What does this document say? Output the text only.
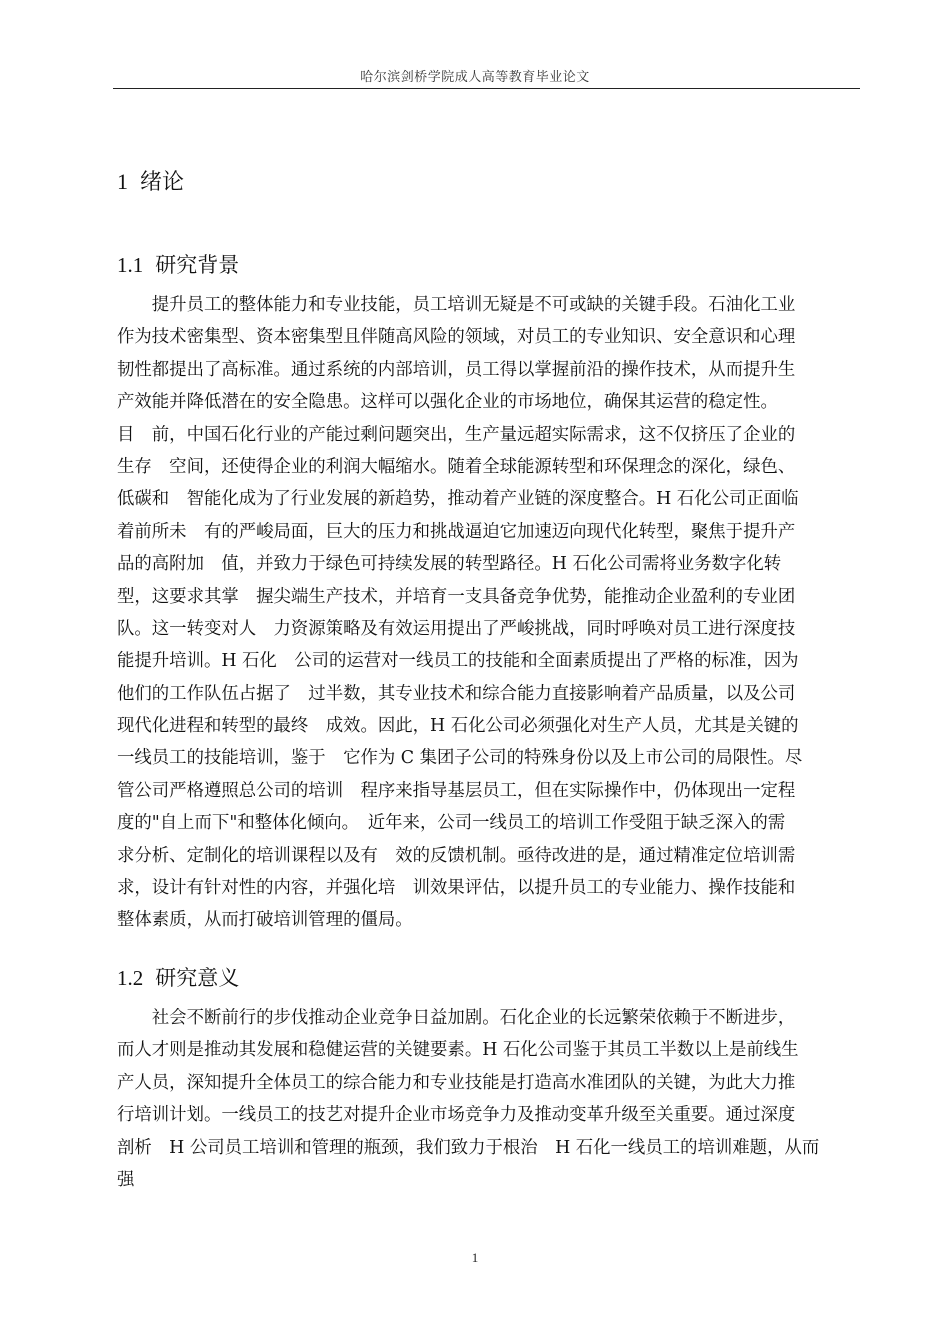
哈尔滨剑桥学院成人高等教育毕业论文
1 绪论
1.1 研究背景
　　提升员工的整体能力和专业技能，员工培训无疑是不可或缺的关键手段。石油化工业
作为技术密集型、资本密集型且伴随高风险的领域，对员工的专业知识、安全意识和心理
韧性都提出了高标准。通过系统的内部培训，员工得以掌握前沿的操作技术，从而提升生
产效能并降低潜在的安全隐患。这样可以强化企业的市场地位，确保其运营的稳定性。
目　前，中国石化行业的产能过剩问题突出，生产量远超实际需求，这不仅挤压了企业的
生存　空间，还使得企业的利润大幅缩水。随着全球能源转型和环保理念的深化，绿色、
低碳和　智能化成为了行业发展的新趋势，推动着产业链的深度整合。H 石化公司正面临
着前所未　有的严峻局面，巨大的压力和挑战逼迫它加速迈向现代化转型，聚焦于提升产
品的高附加　值，并致力于绿色可持续发展的转型路径。H 石化公司需将业务数字化转
型，这要求其掌　握尖端生产技术，并培育一支具备竞争优势，能推动企业盈利的专业团
队。这一转变对人　力资源策略及有效运用提出了严峻挑战，同时呼唤对员工进行深度技
能提升培训。H 石化　公司的运营对一线员工的技能和全面素质提出了严格的标准，因为
他们的工作队伍占据了　过半数，其专业技术和综合能力直接影响着产品质量，以及公司
现代化进程和转型的最终　成效。因此，H 石化公司必须强化对生产人员，尤其是关键的
一线员工的技能培训，鉴于　它作为 C 集团子公司的特殊身份以及上市公司的局限性。尽
管公司严格遵照总公司的培训　程序来指导基层员工，但在实际操作中，仍体现出一定程
度的"自上而下"和整体化倾向。　近年来，公司一线员工的培训工作受阻于缺乏深入的需
求分析、定制化的培训课程以及有　效的反馈机制。亟待改进的是，通过精准定位培训需
求，设计有针对性的内容，并强化培　训效果评估，以提升员工的专业能力、操作技能和
整体素质，从而打破培训管理的僵局。
1.2 研究意义
　　社会不断前行的步伐推动企业竞争日益加剧。石化企业的长远繁荣依赖于不断进步，
而人才则是推动其发展和稳健运营的关键要素。H 石化公司鉴于其员工半数以上是前线生
产人员，深知提升全体员工的综合能力和专业技能是打造高水准团队的关键，为此大力推
行培训计划。一线员工的技艺对提升企业市场竞争力及推动变革升级至关重要。通过深度
剖析　H 公司员工培训和管理的瓶颈，我们致力于根治　H 石化一线员工的培训难题，从而
强
1
